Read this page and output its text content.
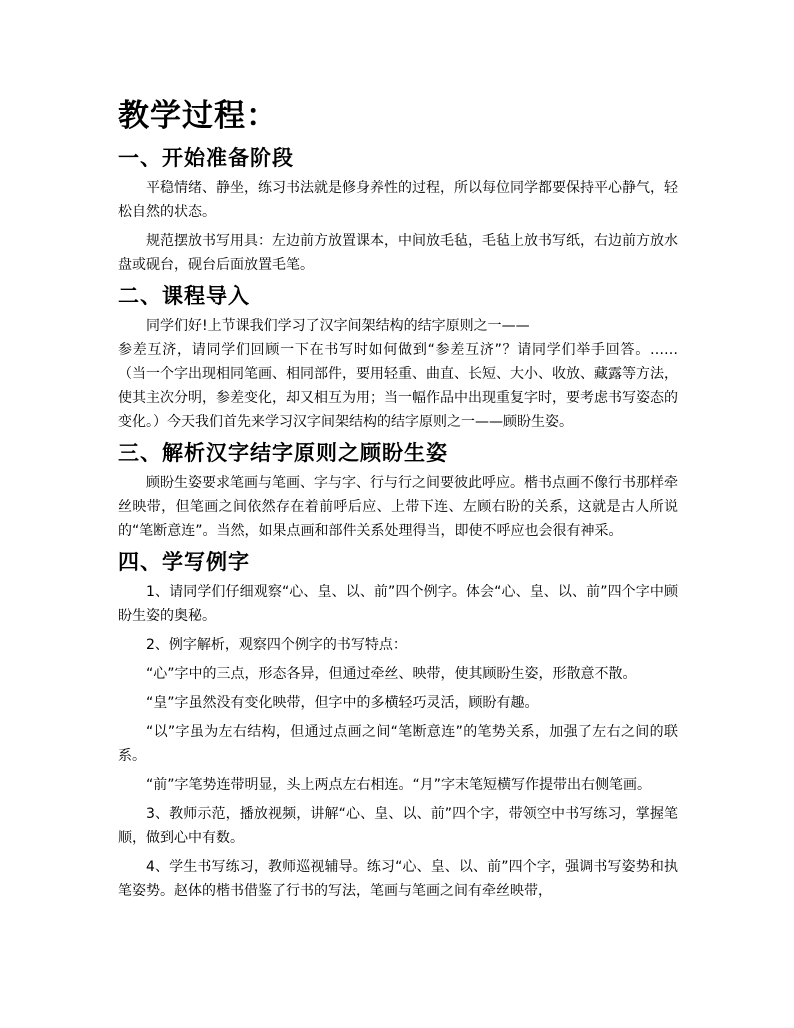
教学过程：
一、开始准备阶段
平稳情绪、静坐，练习书法就是修身养性的过程，所以每位同学都要保持平心静气，轻松自然的状态。
规范摆放书写用具：左边前方放置课本，中间放毛毡，毛毡上放书写纸，右边前方放水盘或砚台，砚台后面放置毛笔。
二、课程导入
同学们好!上节课我们学习了汉字间架结构的结字原则之一——
参差互济，请同学们回顾一下在书写时如何做到“参差互济”？请同学们举手回答。……（当一个字出现相同笔画、相同部件，要用轻重、曲直、长短、大小、收放、藏露等方法，使其主次分明，参差变化，却又相互为用；当一幅作品中出现重复字时，要考虑书写姿态的变化。）今天我们首先来学习汉字间架结构的结字原则之一——顾盼生姿。
三、解析汉字结字原则之顾盼生姿
顾盼生姿要求笔画与笔画、字与字、行与行之间要彼此呼应。楷书点画不像行书那样牵丝映带，但笔画之间依然存在着前呼后应、上带下连、左顾右盼的关系，这就是古人所说的“笔断意连”。当然，如果点画和部件关系处理得当，即使不呼应也会很有神采。
四、学写例字
1、请同学们仔细观察“心、皇、以、前”四个例字。体会“心、皇、以、前”四个字中顾盼生姿的奥秘。
2、例字解析，观察四个例字的书写特点：
“心”字中的三点，形态各异，但通过牵丝、映带，使其顾盼生姿，形散意不散。
“皇”字虽然没有变化映带，但字中的多横轻巧灵活，顾盼有趣。
“以”字虽为左右结构，但通过点画之间“笔断意连”的笔势关系，加强了左右之间的联系。
“前”字笔势连带明显，头上两点左右相连。“月”字末笔短横写作提带出右侧笔画。
3、教师示范，播放视频，讲解“心、皇、以、前”四个字，带领空中书写练习，掌握笔顺，做到心中有数。
4、学生书写练习，教师巡视辅导。练习“心、皇、以、前”四个字，强调书写姿势和执笔姿势。赵体的楷书借鉴了行书的写法，笔画与笔画之间有牵丝映带，
